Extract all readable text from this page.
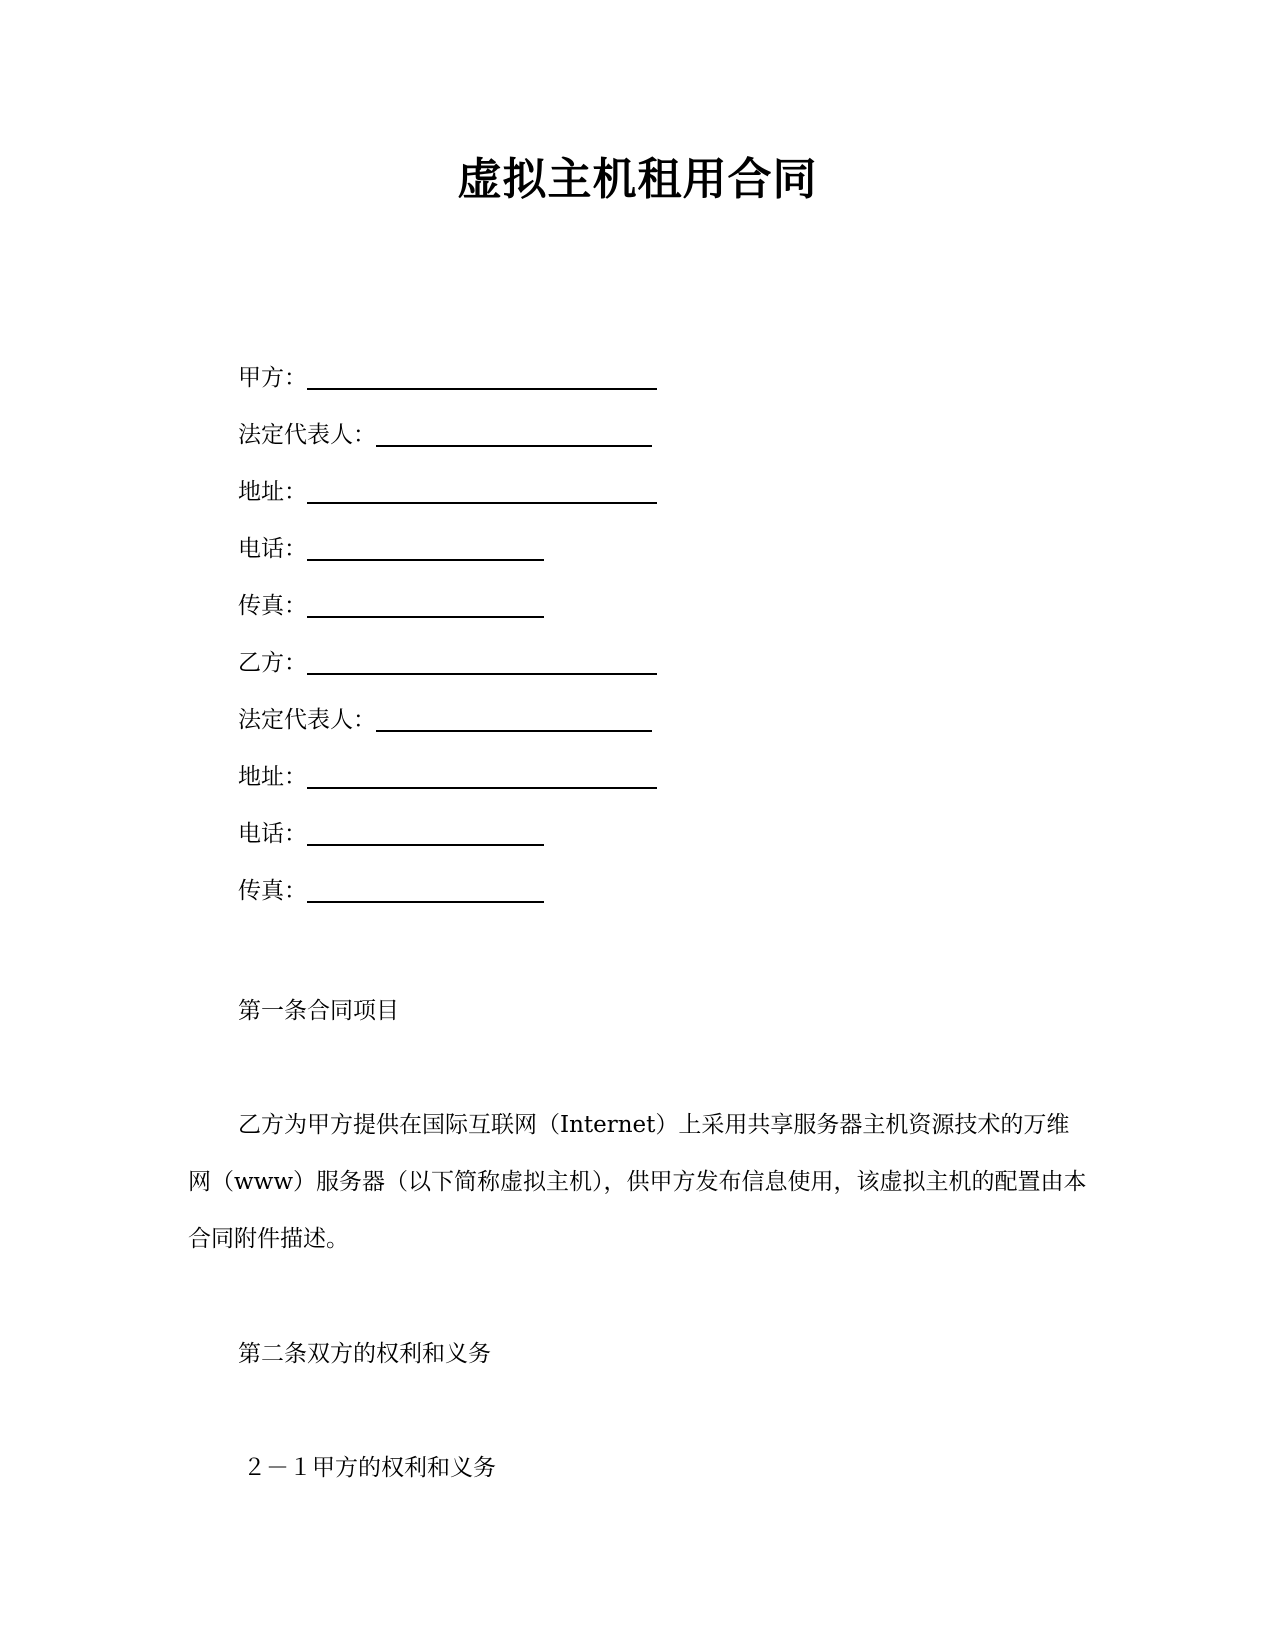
虚拟主机租用合同
甲方：
法定代表人：
地址：
电话：
传真：
乙方：
法定代表人：
地址：
电话：
传真：
第一条合同项目
乙方为甲方提供在国际互联网（Internet）上采用共享服务器主机资源技术的万维网（www）服务器（以下简称虚拟主机），供甲方发布信息使用，该虚拟主机的配置由本合同附件描述。
第二条双方的权利和义务
２－１甲方的权利和义务
